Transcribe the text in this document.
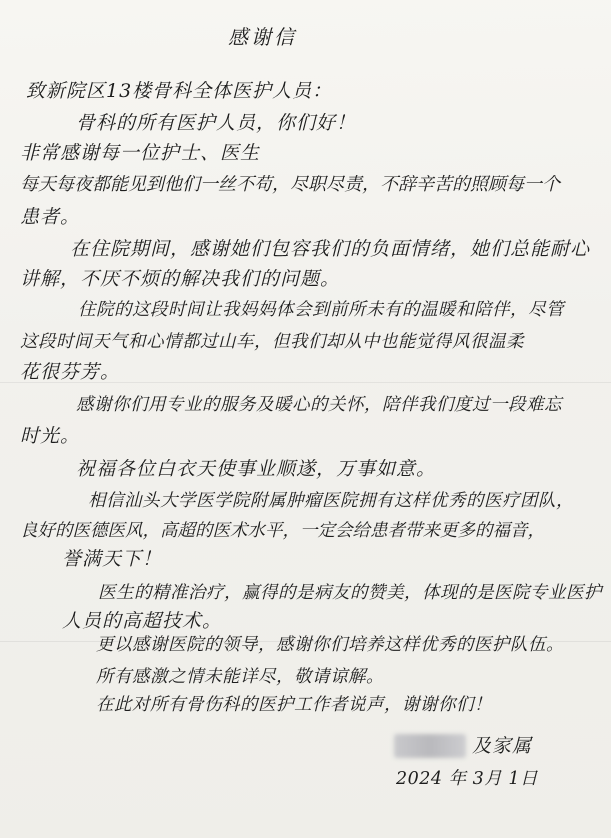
感谢信
致新院区13楼骨科全体医护人员：
骨科的所有医护人员，你们好！
非常感谢每一位护士、医生
每天每夜都能见到他们一丝不苟，尽职尽责，不辞辛苦的照顾每一个
患者。
在住院期间，感谢她们包容我们的负面情绪，她们总能耐心
讲解，不厌不烦的解决我们的问题。
住院的这段时间让我妈妈体会到前所未有的温暖和陪伴，尽管
这段时间天气和心情都过山车，但我们却从中也能觉得风很温柔
花很芬芳。
感谢你们用专业的服务及暖心的关怀，陪伴我们度过一段难忘
时光。
祝福各位白衣天使事业顺遂，万事如意。
相信汕头大学医学院附属肿瘤医院拥有这样优秀的医疗团队，
良好的医德医风，高超的医术水平，一定会给患者带来更多的福音，
誉满天下！
医生的精准治疗，赢得的是病友的赞美，体现的是医院专业医护
人员的高超技术。
更以感谢医院的领导，感谢你们培养这样优秀的医护队伍。
所有感激之情未能详尽，敬请谅解。
在此对所有骨伤科的医护工作者说声，谢谢你们！
及家属
2024 年 3月 1日
